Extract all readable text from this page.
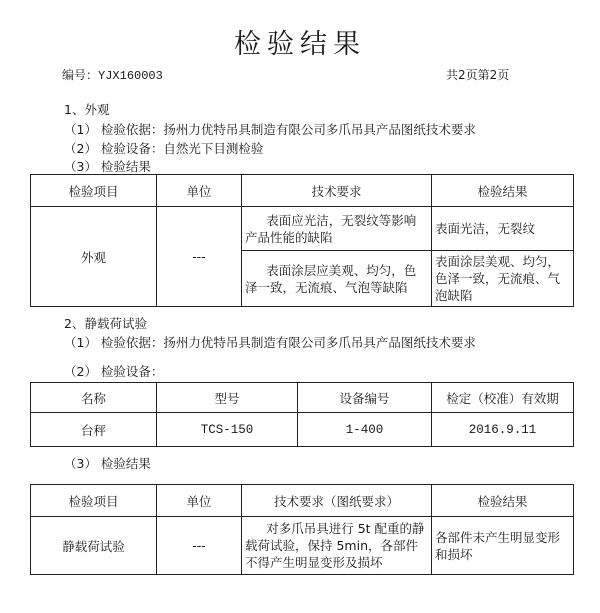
检验结果
编号：YJX160003	共2页第2页
1、外观
（1） 检验依据：扬州力优特吊具制造有限公司多爪吊具产品图纸技术要求
（2） 检验设备：自然光下目测检验
（3） 检验结果
检验项目	单位	技术要求	检验结果
外观	---	表面应光洁，无裂纹等影响产品性能的缺陷	表面光洁，无裂纹
		表面涂层应美观、均匀，色泽一致，无流痕、气泡等缺陷	表面涂层美观、均匀，色泽一致，无流痕、气泡缺陷
2、静载荷试验
（1） 检验依据：扬州力优特吊具制造有限公司多爪吊具产品图纸技术要求
（2） 检验设备：
名称	型号	设备编号	检定（校准）有效期
台秤	TCS-150	1-400	2016.9.11
（3） 检验结果
检验项目	单位	技术要求（图纸要求）	检验结果
静载荷试验	---	对多爪吊具进行 5t 配重的静载荷试验，保持 5min，各部件不得产生明显变形及损坏	各部件未产生明显变形和损坏
